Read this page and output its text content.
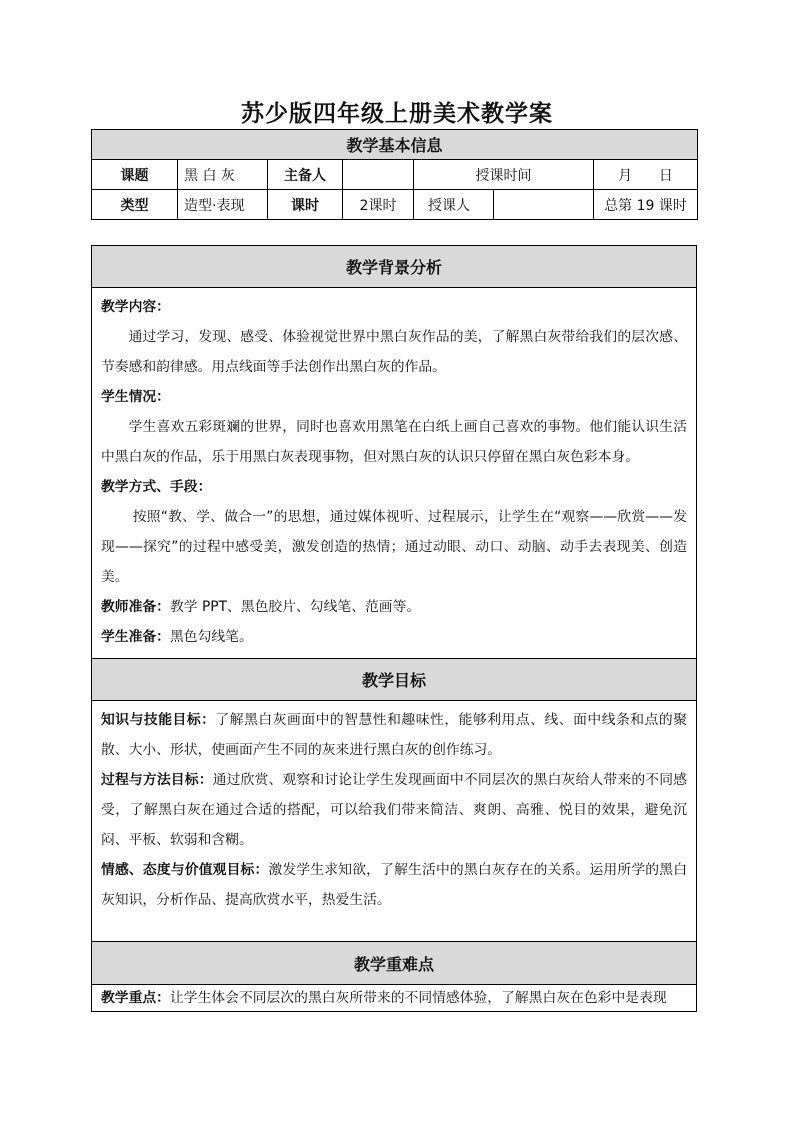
苏少版四年级上册美术教学案
教学基本信息						
课题	黑 白 灰	主备人		授课时间		月      日
类型	造型·表现	课时	2课时	授课人		总第 19 课时
教学背景分析

教学内容：

通过学习，发现、感受、体验视觉世界中黑白灰作品的美，了解黑白灰带给我们的层次感、节奏感和韵律感。用点线面等手法创作出黑白灰的作品。

学生情况：

学生喜欢五彩斑斓的世界，同时也喜欢用黑笔在白纸上画自己喜欢的事物。他们能认识生活中黑白灰的作品，乐于用黑白灰表现事物，但对黑白灰的认识只停留在黑白灰色彩本身。

教学方式、手段：

按照“教、学、做合一”的思想，通过媒体视听、过程展示，让学生在“观察——欣赏——发现——探究”的过程中感受美，激发创造的热情；通过动眼、动口、动脑、动手去表现美、创造美。

教师准备：教学 PPT、黑色胶片、勾线笔、范画等。

学生准备：黑色勾线笔。

教学目标

知识与技能目标：了解黑白灰画面中的智慧性和趣味性，能够利用点、线、面中线条和点的聚散、大小、形状，使画面产生不同的灰来进行黑白灰的创作练习。

过程与方法目标：通过欣赏、观察和讨论让学生发现画面中不同层次的黑白灰给人带来的不同感受，了解黑白灰在通过合适的搭配，可以给我们带来简洁、爽朗、高雅、悦目的效果，避免沉闷、平板、软弱和含糊。

情感、态度与价值观目标：激发学生求知欲，了解生活中的黑白灰存在的关系。运用所学的黑白灰知识，分析作品、提高欣赏水平，热爱生活。

教学重难点

教学重点：让学生体会不同层次的黑白灰所带来的不同情感体验，了解黑白灰在色彩中是表现
